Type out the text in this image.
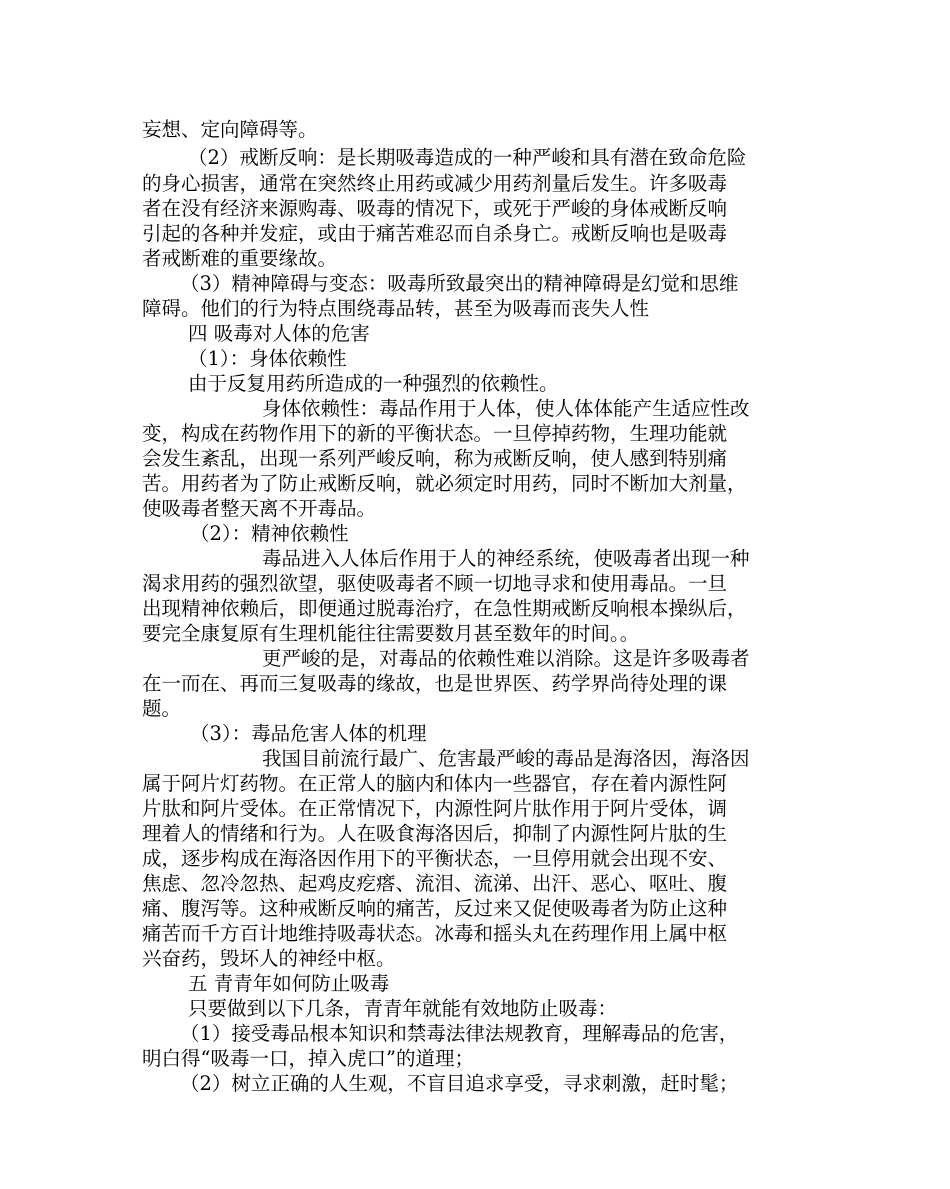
妄想、定向障碍等。
（2）戒断反响：是长期吸毒造成的一种严峻和具有潜在致命危险
的身心损害，通常在突然终止用药或减少用药剂量后发生。许多吸毒
者在没有经济来源购毒、吸毒的情况下，或死于严峻的身体戒断反响
引起的各种并发症，或由于痛苦难忍而自杀身亡。戒断反响也是吸毒
者戒断难的重要缘故。
（3）精神障碍与变态：吸毒所致最突出的精神障碍是幻觉和思维
障碍。他们的行为特点围绕毒品转，甚至为吸毒而丧失人性
四 吸毒对人体的危害
（1）：身体依赖性
由于反复用药所造成的一种强烈的依赖性。
身体依赖性：毒品作用于人体，使人体体能产生适应性改
变，构成在药物作用下的新的平衡状态。一旦停掉药物，生理功能就
会发生紊乱，出现一系列严峻反响，称为戒断反响，使人感到特别痛
苦。用药者为了防止戒断反响，就必须定时用药，同时不断加大剂量，
使吸毒者整天离不开毒品。
（2）：精神依赖性
毒品进入人体后作用于人的神经系统，使吸毒者出现一种
渴求用药的强烈欲望，驱使吸毒者不顾一切地寻求和使用毒品。一旦
出现精神依赖后，即便通过脱毒治疗，在急性期戒断反响根本操纵后，
要完全康复原有生理机能往往需要数月甚至数年的时间。。
更严峻的是，对毒品的依赖性难以消除。这是许多吸毒者
在一而在、再而三复吸毒的缘故，也是世界医、药学界尚待处理的课
题。
（3）：毒品危害人体的机理
我国目前流行最广、危害最严峻的毒品是海洛因，海洛因
属于阿片灯药物。在正常人的脑内和体内一些器官，存在着内源性阿
片肽和阿片受体。在正常情况下，内源性阿片肽作用于阿片受体，调
理着人的情绪和行为。人在吸食海洛因后，抑制了内源性阿片肽的生
成，逐步构成在海洛因作用下的平衡状态，一旦停用就会出现不安、
焦虑、忽冷忽热、起鸡皮疙瘩、流泪、流涕、出汗、恶心、呕吐、腹
痛、腹泻等。这种戒断反响的痛苦，反过来又促使吸毒者为防止这种
痛苦而千方百计地维持吸毒状态。冰毒和摇头丸在药理作用上属中枢
兴奋药，毁坏人的神经中枢。
五 青青年如何防止吸毒
只要做到以下几条，青青年就能有效地防止吸毒：
（1）接受毒品根本知识和禁毒法律法规教育，理解毒品的危害，
明白得“吸毒一口，掉入虎口”的道理；
（2）树立正确的人生观，不盲目追求享受，寻求刺激，赶时髦；
